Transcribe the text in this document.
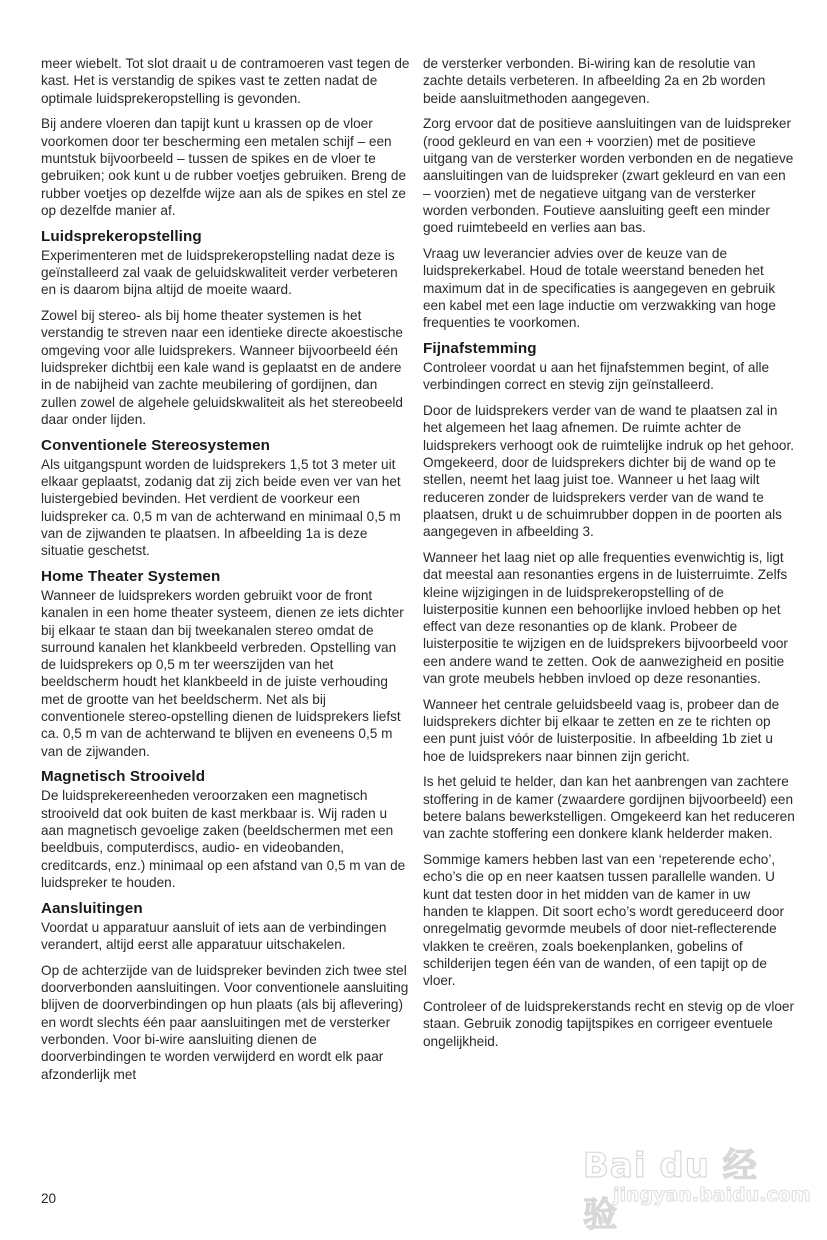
meer wiebelt. Tot slot draait u de contramoeren vast tegen de kast. Het is verstandig de spikes vast te zetten nadat de optimale luidsprekeropstelling is gevonden.

Bij andere vloeren dan tapijt kunt u krassen op de vloer voorkomen door ter bescherming een metalen schijf – een muntstuk bijvoorbeeld – tussen de spikes en de vloer te gebruiken; ook kunt u de rubber voetjes gebruiken. Breng de rubber voetjes op dezelfde wijze aan als de spikes en stel ze op dezelfde manier af.

Luidsprekeropstelling

Experimenteren met de luidsprekeropstelling nadat deze is geïnstalleerd zal vaak de geluidskwaliteit verder verbeteren en is daarom bijna altijd de moeite waard.

Zowel bij stereo- als bij home theater systemen is het verstandig te streven naar een identieke directe akoestische omgeving voor alle luidsprekers. Wanneer bijvoorbeeld één luidspreker dichtbij een kale wand is geplaatst en de andere in de nabijheid van zachte meubilering of gordijnen, dan zullen zowel de algehele geluidskwaliteit als het stereobeeld daar onder lijden.

Conventionele Stereosystemen

Als uitgangspunt worden de luidsprekers 1,5 tot 3 meter uit elkaar geplaatst, zodanig dat zij zich beide even ver van het luistergebied bevinden. Het verdient de voorkeur een luidspreker ca. 0,5 m van de achterwand en minimaal 0,5 m van de zijwanden te plaatsen. In afbeelding 1a is deze situatie geschetst.

Home Theater Systemen

Wanneer de luidsprekers worden gebruikt voor de front kanalen in een home theater systeem, dienen ze iets dichter bij elkaar te staan dan bij tweekanalen stereo omdat de surround kanalen het klankbeeld verbreden. Opstelling van de luidsprekers op 0,5 m ter weerszijden van het beeldscherm houdt het klankbeeld in de juiste verhouding met de grootte van het beeldscherm. Net als bij conventionele stereo-opstelling dienen de luidsprekers liefst ca. 0,5 m van de achterwand te blijven en eveneens 0,5 m van de zijwanden.

Magnetisch Strooiveld

De luidsprekereenheden veroorzaken een magnetisch strooiveld dat ook buiten de kast merkbaar is. Wij raden u aan magnetisch gevoelige zaken (beeldschermen met een beeldbuis, computerdiscs, audio- en videobanden, creditcards, enz.) minimaal op een afstand van 0,5 m van de luidspreker te houden.

Aansluitingen

Voordat u apparatuur aansluit of iets aan de verbindingen verandert, altijd eerst alle apparatuur uitschakelen.

Op de achterzijde van de luidspreker bevinden zich twee stel doorverbonden aansluitingen. Voor conventionele aansluiting blijven de doorverbindingen op hun plaats (als bij aflevering) en wordt slechts één paar aansluitingen met de versterker verbonden. Voor bi-wire aansluiting dienen de doorverbindingen te worden verwijderd en wordt elk paar afzonderlijk met

de versterker verbonden. Bi-wiring kan de resolutie van zachte details verbeteren. In afbeelding 2a en 2b worden beide aansluitmethoden aangegeven.

Zorg ervoor dat de positieve aansluitingen van de luidspreker (rood gekleurd en van een + voorzien) met de positieve uitgang van de versterker worden verbonden en de negatieve aansluitingen van de luidspreker (zwart gekleurd en van een – voorzien) met de negatieve uitgang van de versterker worden verbonden. Foutieve aansluiting geeft een minder goed ruimtebeeld en verlies aan bas.

Vraag uw leverancier advies over de keuze van de luidsprekerkabel. Houd de totale weerstand beneden het maximum dat in de specificaties is aangegeven en gebruik een kabel met een lage inductie om verzwakking van hoge frequenties te voorkomen.

Fijnafstemming

Controleer voordat u aan het fijnafstemmen begint, of alle verbindingen correct en stevig zijn geïnstalleerd.

Door de luidsprekers verder van de wand te plaatsen zal in het algemeen het laag afnemen. De ruimte achter de luidsprekers verhoogt ook de ruimtelijke indruk op het gehoor. Omgekeerd, door de luidsprekers dichter bij de wand op te stellen, neemt het laag juist toe. Wanneer u het laag wilt reduceren zonder de luidsprekers verder van de wand te plaatsen, drukt u de schuimrubber doppen in de poorten als aangegeven in afbeelding 3.

Wanneer het laag niet op alle frequenties evenwichtig is, ligt dat meestal aan resonanties ergens in de luisterruimte. Zelfs kleine wijzigingen in de luidsprekeropstelling of de luisterpositie kunnen een behoorlijke invloed hebben op het effect van deze resonanties op de klank. Probeer de luisterpositie te wijzigen en de luidsprekers bijvoorbeeld voor een andere wand te zetten. Ook de aanwezigheid en positie van grote meubels hebben invloed op deze resonanties.

Wanneer het centrale geluidsbeeld vaag is, probeer dan de luidsprekers dichter bij elkaar te zetten en ze te richten op een punt juist vóór de luisterpositie. In afbeelding 1b ziet u hoe de luidsprekers naar binnen zijn gericht.

Is het geluid te helder, dan kan het aanbrengen van zachtere stoffering in de kamer (zwaardere gordijnen bijvoorbeeld) een betere balans bewerkstelligen. Omgekeerd kan het reduceren van zachte stoffering een donkere klank helderder maken.

Sommige kamers hebben last van een ‘repeterende echo’, echo’s die op en neer kaatsen tussen parallelle wanden. U kunt dat testen door in het midden van de kamer in uw handen te klappen. Dit soort echo’s wordt gereduceerd door onregelmatig gevormde meubels of door niet-reflecterende vlakken te creëren, zoals boekenplanken, gobelins of schilderijen tegen één van de wanden, of een tapijt op de vloer.

Controleer of de luidsprekerstands recht en stevig op de vloer staan. Gebruik zonodig tapijtspikes en corrigeer eventuele ongelijkheid.

20
Bai du 经验
jingyan.baidu.com
